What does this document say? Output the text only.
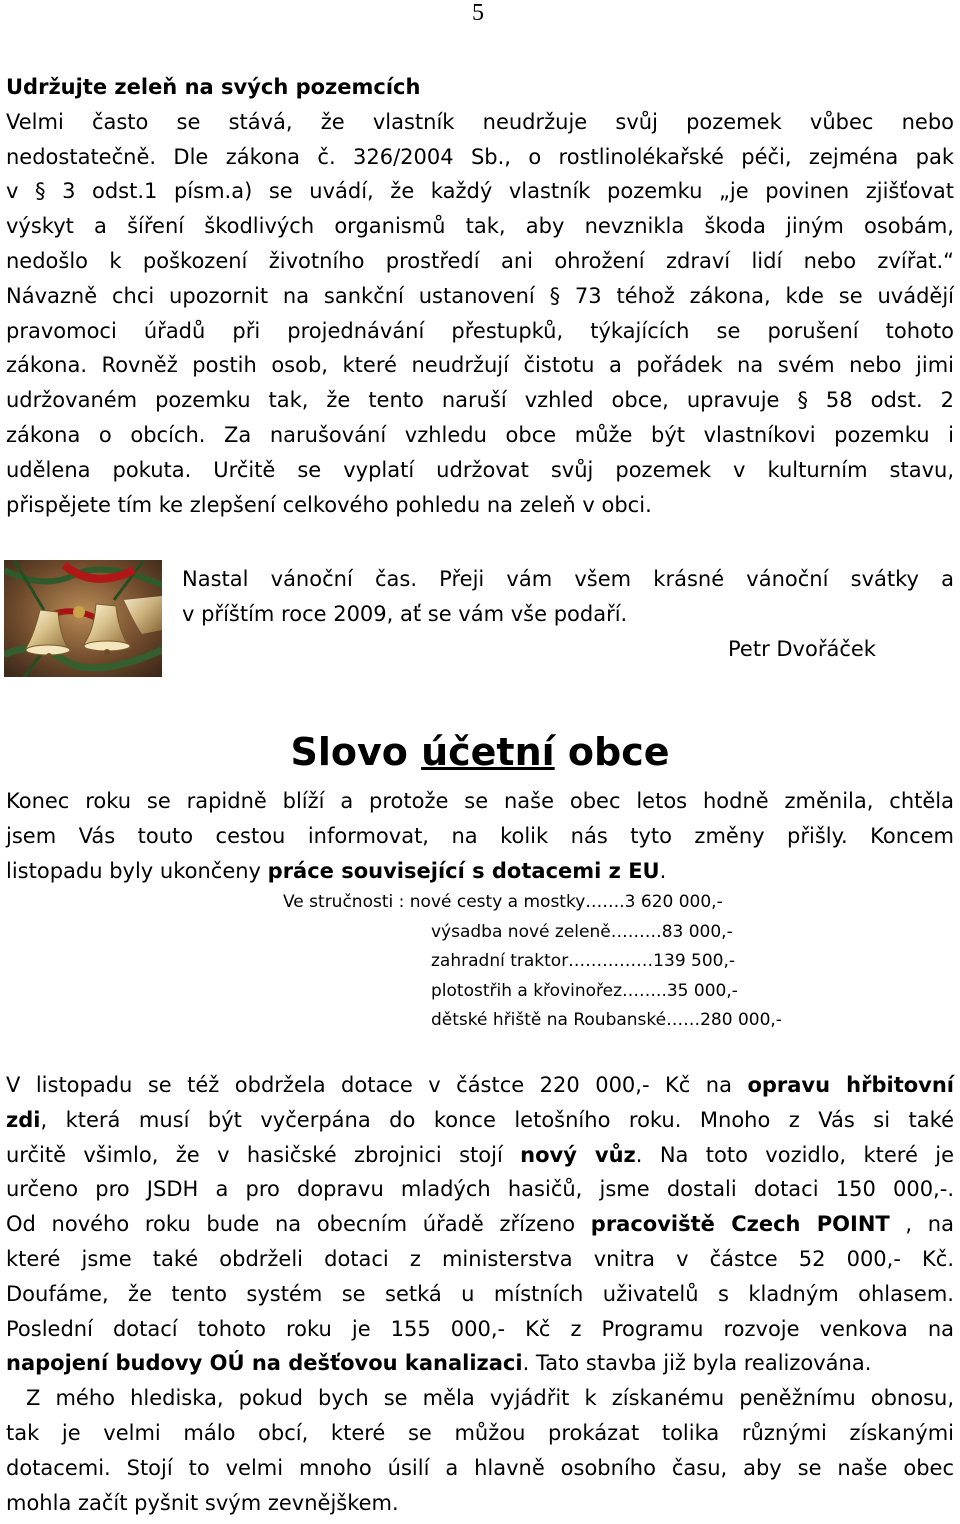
5
Udržujte zeleň na svých pozemcích
Velmi často se stává, že vlastník neudržuje svůj pozemek vůbec nebo
nedostatečně. Dle zákona č. 326/2004 Sb., o rostlinolékařské péči, zejména pak
v § 3 odst.1 písm.a) se uvádí, že každý vlastník pozemku „je povinen zjišťovat
výskyt a šíření škodlivých organismů tak, aby nevznikla škoda jiným osobám,
nedošlo k poškození životního prostředí ani ohrožení zdraví lidí nebo zvířat.“
Návazně chci upozornit na sankční ustanovení § 73 téhož zákona, kde se uvádějí
pravomoci úřadů při projednávání přestupků, týkajících se porušení tohoto
zákona. Rovněž postih osob, které neudržují čistotu a pořádek na svém nebo jimi
udržovaném pozemku tak, že tento naruší vzhled obce, upravuje § 58 odst. 2
zákona o obcích. Za narušování vzhledu obce může být vlastníkovi pozemku i
udělena pokuta. Určitě se vyplatí udržovat svůj pozemek v kulturním stavu,
přispějete tím ke zlepšení celkového pohledu na zeleň v obci.
Nastal vánoční čas. Přeji vám všem krásné vánoční svátky a
v příštím roce 2009, ať se vám vše podaří.
Petr Dvořáček
Slovo účetní obce
Konec roku se rapidně blíží a protože se naše obec letos hodně změnila, chtěla
jsem Vás touto cestou informovat, na kolik nás tyto změny přišly. Koncem
listopadu byly ukončeny práce související s dotacemi z EU.
Ve stručnosti : nové cesty a mostky…….3 620 000,-
výsadba nové zeleně………83 000,-
zahradní traktor……………139 500,-
plotostřih a křovinořez……..35 000,-
dětské hřiště na Roubanské……280 000,-
V listopadu se též obdržela dotace v částce 220 000,- Kč na opravu hřbitovní
zdi, která musí být vyčerpána do konce letošního roku. Mnoho z Vás si také
určitě všimlo, že v hasičské zbrojnici stojí nový vůz. Na toto vozidlo, které je
určeno pro JSDH a pro dopravu mladých hasičů, jsme dostali dotaci 150 000,-.
Od nového roku bude na obecním úřadě zřízeno pracoviště Czech POINT , na
které jsme také obdrželi dotaci z ministerstva vnitra v částce 52 000,- Kč.
Doufáme, že tento systém se setká u místních uživatelů s kladným ohlasem.
Poslední dotací tohoto roku je 155 000,- Kč z Programu rozvoje venkova na
napojení budovy OÚ na dešťovou kanalizaci. Tato stavba již byla realizována.
Z mého hlediska, pokud bych se měla vyjádřit k získanému peněžnímu obnosu,
tak je velmi málo obcí, které se můžou prokázat tolika různými získanými
dotacemi. Stojí to velmi mnoho úsilí a hlavně osobního času, aby se naše obec
mohla začít pyšnit svým zevnějškem.
